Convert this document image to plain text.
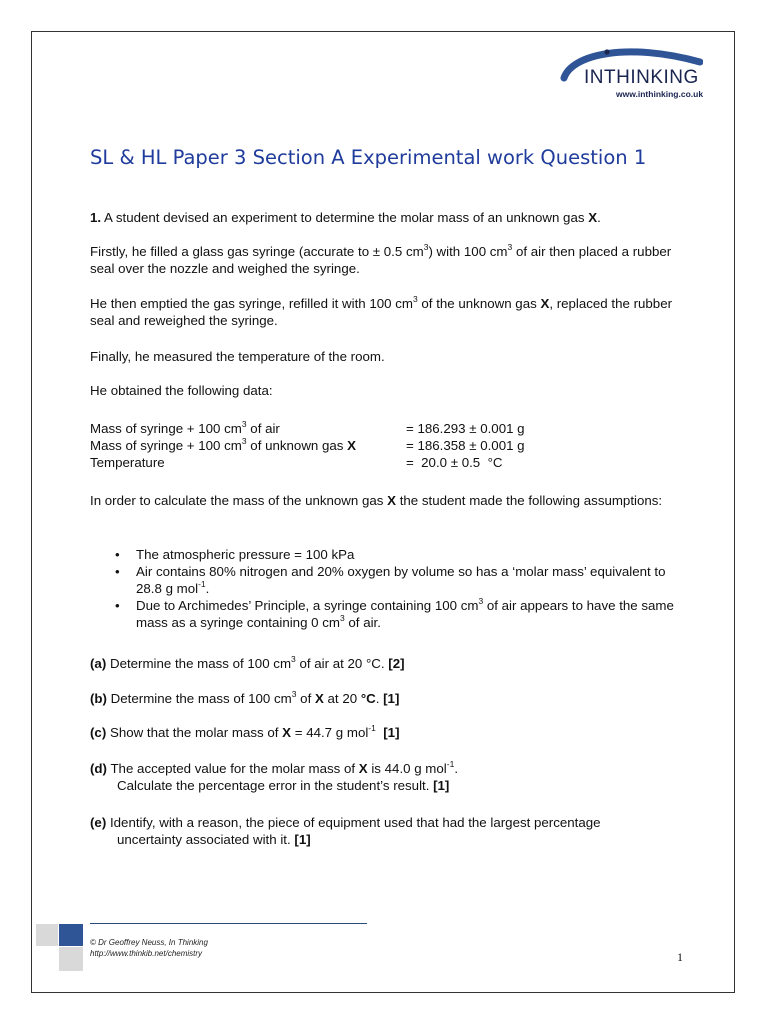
INTHINKING
www.inthinking.co.uk
SL & HL Paper 3 Section A Experimental work Question 1

1. A student devised an experiment to determine the molar mass of an unknown gas X.

Firstly, he filled a glass gas syringe (accurate to ± 0.5 $cm^3$) with 100 $cm^3$ of air then placed a rubber seal over the nozzle and weighed the syringe.

He then emptied the gas syringe, refilled it with 100 $cm^3$ of the unknown gas X, replaced the rubber seal and reweighed the syringe.

Finally, he measured the temperature of the room.

He obtained the following data:

Mass of syringe + 100 $cm^3$ of air	= 186.293 ± 0.001 g
Mass of syringe + 100 $cm^3$ of unknown gas X	= 186.358 ± 0.001 g
Temperature	=  20.0 ± 0.5  °C

In order to calculate the mass of the unknown gas X the student made the following assumptions:

• The atmospheric pressure = 100 kPa
• Air contains 80% nitrogen and 20% oxygen by volume so has a ‘molar mass’ equivalent to 28.8 g mol$^{-1}$.
• Due to Archimedes’ Principle, a syringe containing 100 $cm^3$ of air appears to have the same mass as a syringe containing 0 $cm^3$ of air.

(a) Determine the mass of 100 $cm^3$ of air at 20 °C. [2]

(b) Determine the mass of 100 $cm^3$ of X at 20 °C. [1]

(c) Show that the molar mass of X = 44.7 g mol$^{-1}$ [1]

(d) The accepted value for the molar mass of X is 44.0 g mol$^{-1}$.
Calculate the percentage error in the student’s result. [1]

(e) Identify, with a reason, the piece of equipment used that had the largest percentage
uncertainty associated with it. [1]

© Dr Geoffrey Neuss, In Thinking
http://www.thinkib.net/chemistry	1
